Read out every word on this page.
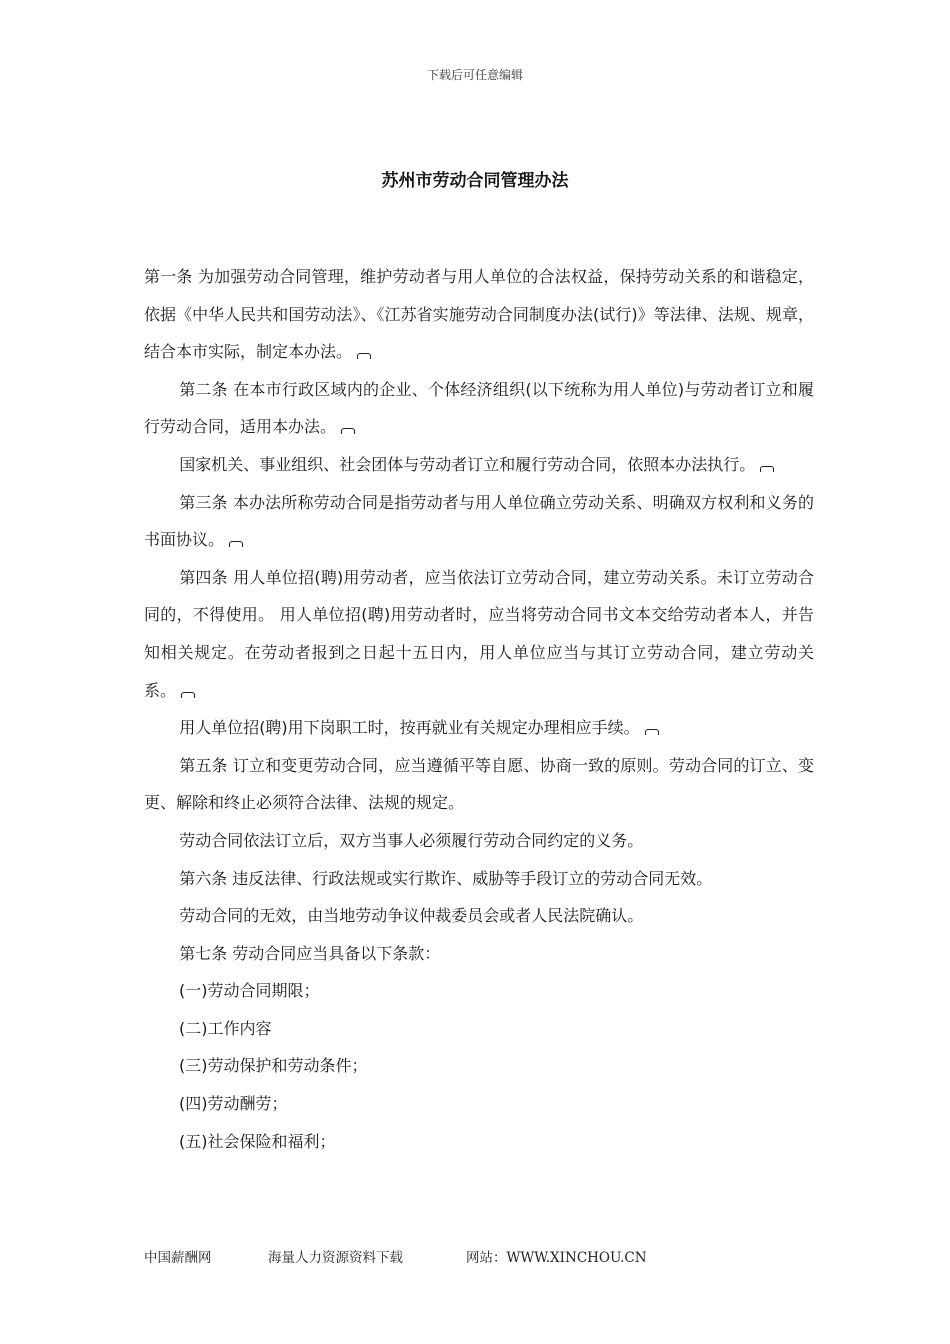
下载后可任意编辑
苏州市劳动合同管理办法

第一条 为加强劳动合同管理，维护劳动者与用人单位的合法权益，保持劳动关系的和谐稳定，依据《中华人民共和国劳动法》、《江苏省实施劳动合同制度办法(试行)》等法律、法规、规章，结合本市实际，制定本办法。

第二条 在本市行政区域内的企业、个体经济组织(以下统称为用人单位)与劳动者订立和履行劳动合同，适用本办法。

国家机关、事业组织、社会团体与劳动者订立和履行劳动合同，依照本办法执行。

第三条 本办法所称劳动合同是指劳动者与用人单位确立劳动关系、明确双方权利和义务的书面协议。

第四条 用人单位招(聘)用劳动者，应当依法订立劳动合同，建立劳动关系。未订立劳动合同的，不得使用。 用人单位招(聘)用劳动者时，应当将劳动合同书文本交给劳动者本人，并告知相关规定。在劳动者报到之日起十五日内，用人单位应当与其订立劳动合同，建立劳动关系。

用人单位招(聘)用下岗职工时，按再就业有关规定办理相应手续。

第五条 订立和变更劳动合同，应当遵循平等自愿、协商一致的原则。劳动合同的订立、变更、解除和终止必须符合法律、法规的规定。

劳动合同依法订立后，双方当事人必须履行劳动合同约定的义务。

第六条 违反法律、行政法规或实行欺诈、威胁等手段订立的劳动合同无效。

劳动合同的无效，由当地劳动争议仲裁委员会或者人民法院确认。

第七条 劳动合同应当具备以下条款：

(一)劳动合同期限；

(二)工作内容

(三)劳动保护和劳动条件；

(四)劳动酬劳；

(五)社会保险和福利；

中国薪酬网	海量人力资源资料下载	网站：WWW.XINCHOU.CN
